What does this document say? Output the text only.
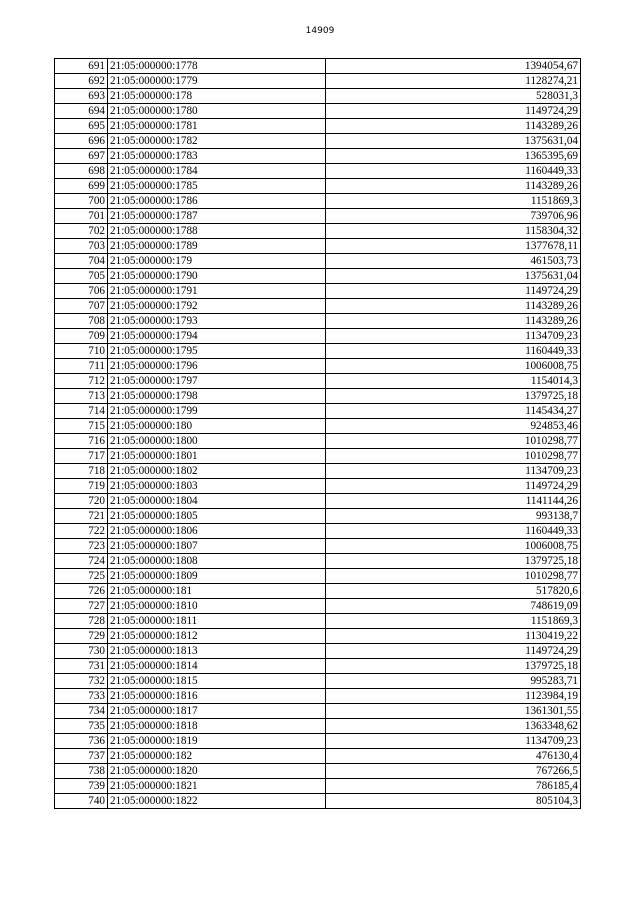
14909
691	21:05:000000:1778	1394054,67
692	21:05:000000:1779	1128274,21
693	21:05:000000:178	528031,3
694	21:05:000000:1780	1149724,29
695	21:05:000000:1781	1143289,26
696	21:05:000000:1782	1375631,04
697	21:05:000000:1783	1365395,69
698	21:05:000000:1784	1160449,33
699	21:05:000000:1785	1143289,26
700	21:05:000000:1786	1151869,3
701	21:05:000000:1787	739706,96
702	21:05:000000:1788	1158304,32
703	21:05:000000:1789	1377678,11
704	21:05:000000:179	461503,73
705	21:05:000000:1790	1375631,04
706	21:05:000000:1791	1149724,29
707	21:05:000000:1792	1143289,26
708	21:05:000000:1793	1143289,26
709	21:05:000000:1794	1134709,23
710	21:05:000000:1795	1160449,33
711	21:05:000000:1796	1006008,75
712	21:05:000000:1797	1154014,3
713	21:05:000000:1798	1379725,18
714	21:05:000000:1799	1145434,27
715	21:05:000000:180	924853,46
716	21:05:000000:1800	1010298,77
717	21:05:000000:1801	1010298,77
718	21:05:000000:1802	1134709,23
719	21:05:000000:1803	1149724,29
720	21:05:000000:1804	1141144,26
721	21:05:000000:1805	993138,7
722	21:05:000000:1806	1160449,33
723	21:05:000000:1807	1006008,75
724	21:05:000000:1808	1379725,18
725	21:05:000000:1809	1010298,77
726	21:05:000000:181	517820,6
727	21:05:000000:1810	748619,09
728	21:05:000000:1811	1151869,3
729	21:05:000000:1812	1130419,22
730	21:05:000000:1813	1149724,29
731	21:05:000000:1814	1379725,18
732	21:05:000000:1815	995283,71
733	21:05:000000:1816	1123984,19
734	21:05:000000:1817	1361301,55
735	21:05:000000:1818	1363348,62
736	21:05:000000:1819	1134709,23
737	21:05:000000:182	476130,4
738	21:05:000000:1820	767266,5
739	21:05:000000:1821	786185,4
740	21:05:000000:1822	805104,3
